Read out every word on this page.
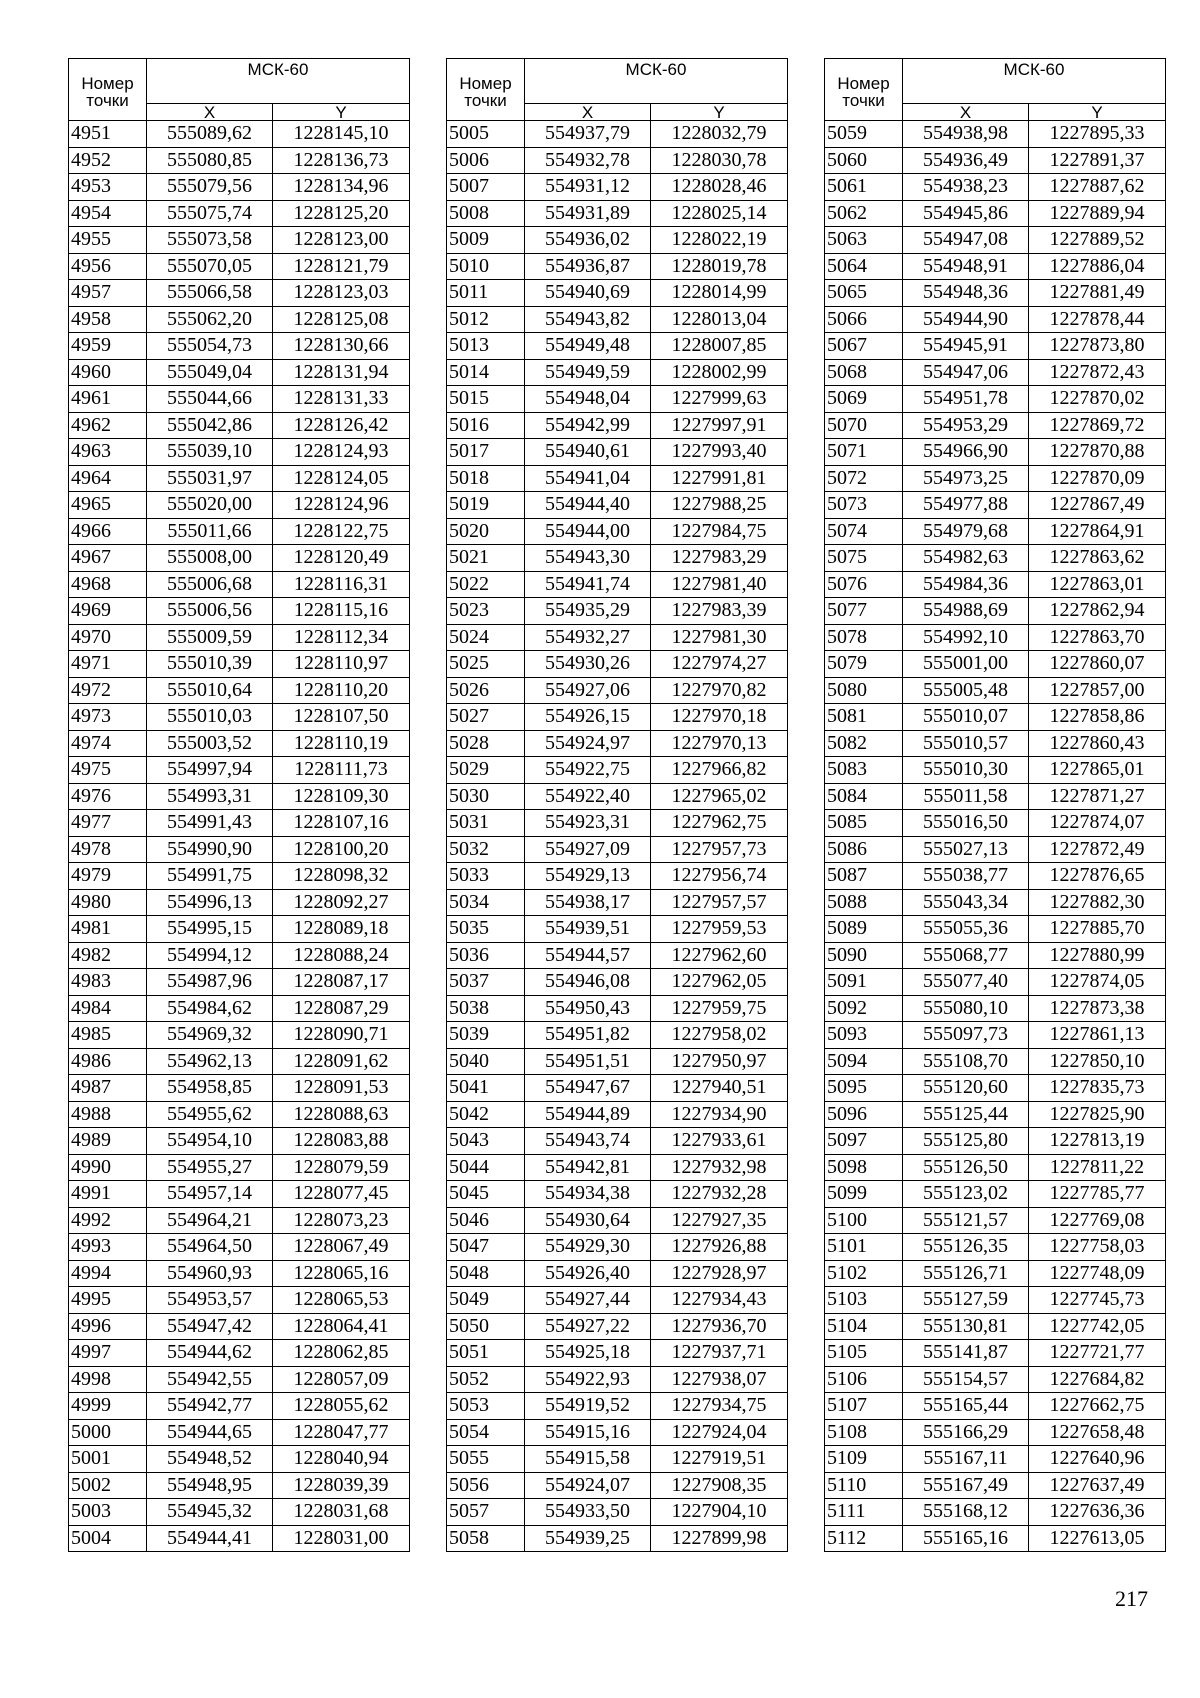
Номер
точки	МСК-60	
	X	Y
4951	555089,62	1228145,10
4952	555080,85	1228136,73
4953	555079,56	1228134,96
4954	555075,74	1228125,20
4955	555073,58	1228123,00
4956	555070,05	1228121,79
4957	555066,58	1228123,03
4958	555062,20	1228125,08
4959	555054,73	1228130,66
4960	555049,04	1228131,94
4961	555044,66	1228131,33
4962	555042,86	1228126,42
4963	555039,10	1228124,93
4964	555031,97	1228124,05
4965	555020,00	1228124,96
4966	555011,66	1228122,75
4967	555008,00	1228120,49
4968	555006,68	1228116,31
4969	555006,56	1228115,16
4970	555009,59	1228112,34
4971	555010,39	1228110,97
4972	555010,64	1228110,20
4973	555010,03	1228107,50
4974	555003,52	1228110,19
4975	554997,94	1228111,73
4976	554993,31	1228109,30
4977	554991,43	1228107,16
4978	554990,90	1228100,20
4979	554991,75	1228098,32
4980	554996,13	1228092,27
4981	554995,15	1228089,18
4982	554994,12	1228088,24
4983	554987,96	1228087,17
4984	554984,62	1228087,29
4985	554969,32	1228090,71
4986	554962,13	1228091,62
4987	554958,85	1228091,53
4988	554955,62	1228088,63
4989	554954,10	1228083,88
4990	554955,27	1228079,59
4991	554957,14	1228077,45
4992	554964,21	1228073,23
4993	554964,50	1228067,49
4994	554960,93	1228065,16
4995	554953,57	1228065,53
4996	554947,42	1228064,41
4997	554944,62	1228062,85
4998	554942,55	1228057,09
4999	554942,77	1228055,62
5000	554944,65	1228047,77
5001	554948,52	1228040,94
5002	554948,95	1228039,39
5003	554945,32	1228031,68
5004	554944,41	1228031,00
Номер
точки	МСК-60	
	X	Y
5005	554937,79	1228032,79
5006	554932,78	1228030,78
5007	554931,12	1228028,46
5008	554931,89	1228025,14
5009	554936,02	1228022,19
5010	554936,87	1228019,78
5011	554940,69	1228014,99
5012	554943,82	1228013,04
5013	554949,48	1228007,85
5014	554949,59	1228002,99
5015	554948,04	1227999,63
5016	554942,99	1227997,91
5017	554940,61	1227993,40
5018	554941,04	1227991,81
5019	554944,40	1227988,25
5020	554944,00	1227984,75
5021	554943,30	1227983,29
5022	554941,74	1227981,40
5023	554935,29	1227983,39
5024	554932,27	1227981,30
5025	554930,26	1227974,27
5026	554927,06	1227970,82
5027	554926,15	1227970,18
5028	554924,97	1227970,13
5029	554922,75	1227966,82
5030	554922,40	1227965,02
5031	554923,31	1227962,75
5032	554927,09	1227957,73
5033	554929,13	1227956,74
5034	554938,17	1227957,57
5035	554939,51	1227959,53
5036	554944,57	1227962,60
5037	554946,08	1227962,05
5038	554950,43	1227959,75
5039	554951,82	1227958,02
5040	554951,51	1227950,97
5041	554947,67	1227940,51
5042	554944,89	1227934,90
5043	554943,74	1227933,61
5044	554942,81	1227932,98
5045	554934,38	1227932,28
5046	554930,64	1227927,35
5047	554929,30	1227926,88
5048	554926,40	1227928,97
5049	554927,44	1227934,43
5050	554927,22	1227936,70
5051	554925,18	1227937,71
5052	554922,93	1227938,07
5053	554919,52	1227934,75
5054	554915,16	1227924,04
5055	554915,58	1227919,51
5056	554924,07	1227908,35
5057	554933,50	1227904,10
5058	554939,25	1227899,98
Номер
точки	МСК-60	
	X	Y
5059	554938,98	1227895,33
5060	554936,49	1227891,37
5061	554938,23	1227887,62
5062	554945,86	1227889,94
5063	554947,08	1227889,52
5064	554948,91	1227886,04
5065	554948,36	1227881,49
5066	554944,90	1227878,44
5067	554945,91	1227873,80
5068	554947,06	1227872,43
5069	554951,78	1227870,02
5070	554953,29	1227869,72
5071	554966,90	1227870,88
5072	554973,25	1227870,09
5073	554977,88	1227867,49
5074	554979,68	1227864,91
5075	554982,63	1227863,62
5076	554984,36	1227863,01
5077	554988,69	1227862,94
5078	554992,10	1227863,70
5079	555001,00	1227860,07
5080	555005,48	1227857,00
5081	555010,07	1227858,86
5082	555010,57	1227860,43
5083	555010,30	1227865,01
5084	555011,58	1227871,27
5085	555016,50	1227874,07
5086	555027,13	1227872,49
5087	555038,77	1227876,65
5088	555043,34	1227882,30
5089	555055,36	1227885,70
5090	555068,77	1227880,99
5091	555077,40	1227874,05
5092	555080,10	1227873,38
5093	555097,73	1227861,13
5094	555108,70	1227850,10
5095	555120,60	1227835,73
5096	555125,44	1227825,90
5097	555125,80	1227813,19
5098	555126,50	1227811,22
5099	555123,02	1227785,77
5100	555121,57	1227769,08
5101	555126,35	1227758,03
5102	555126,71	1227748,09
5103	555127,59	1227745,73
5104	555130,81	1227742,05
5105	555141,87	1227721,77
5106	555154,57	1227684,82
5107	555165,44	1227662,75
5108	555166,29	1227658,48
5109	555167,11	1227640,96
5110	555167,49	1227637,49
5111	555168,12	1227636,36
5112	555165,16	1227613,05
217
